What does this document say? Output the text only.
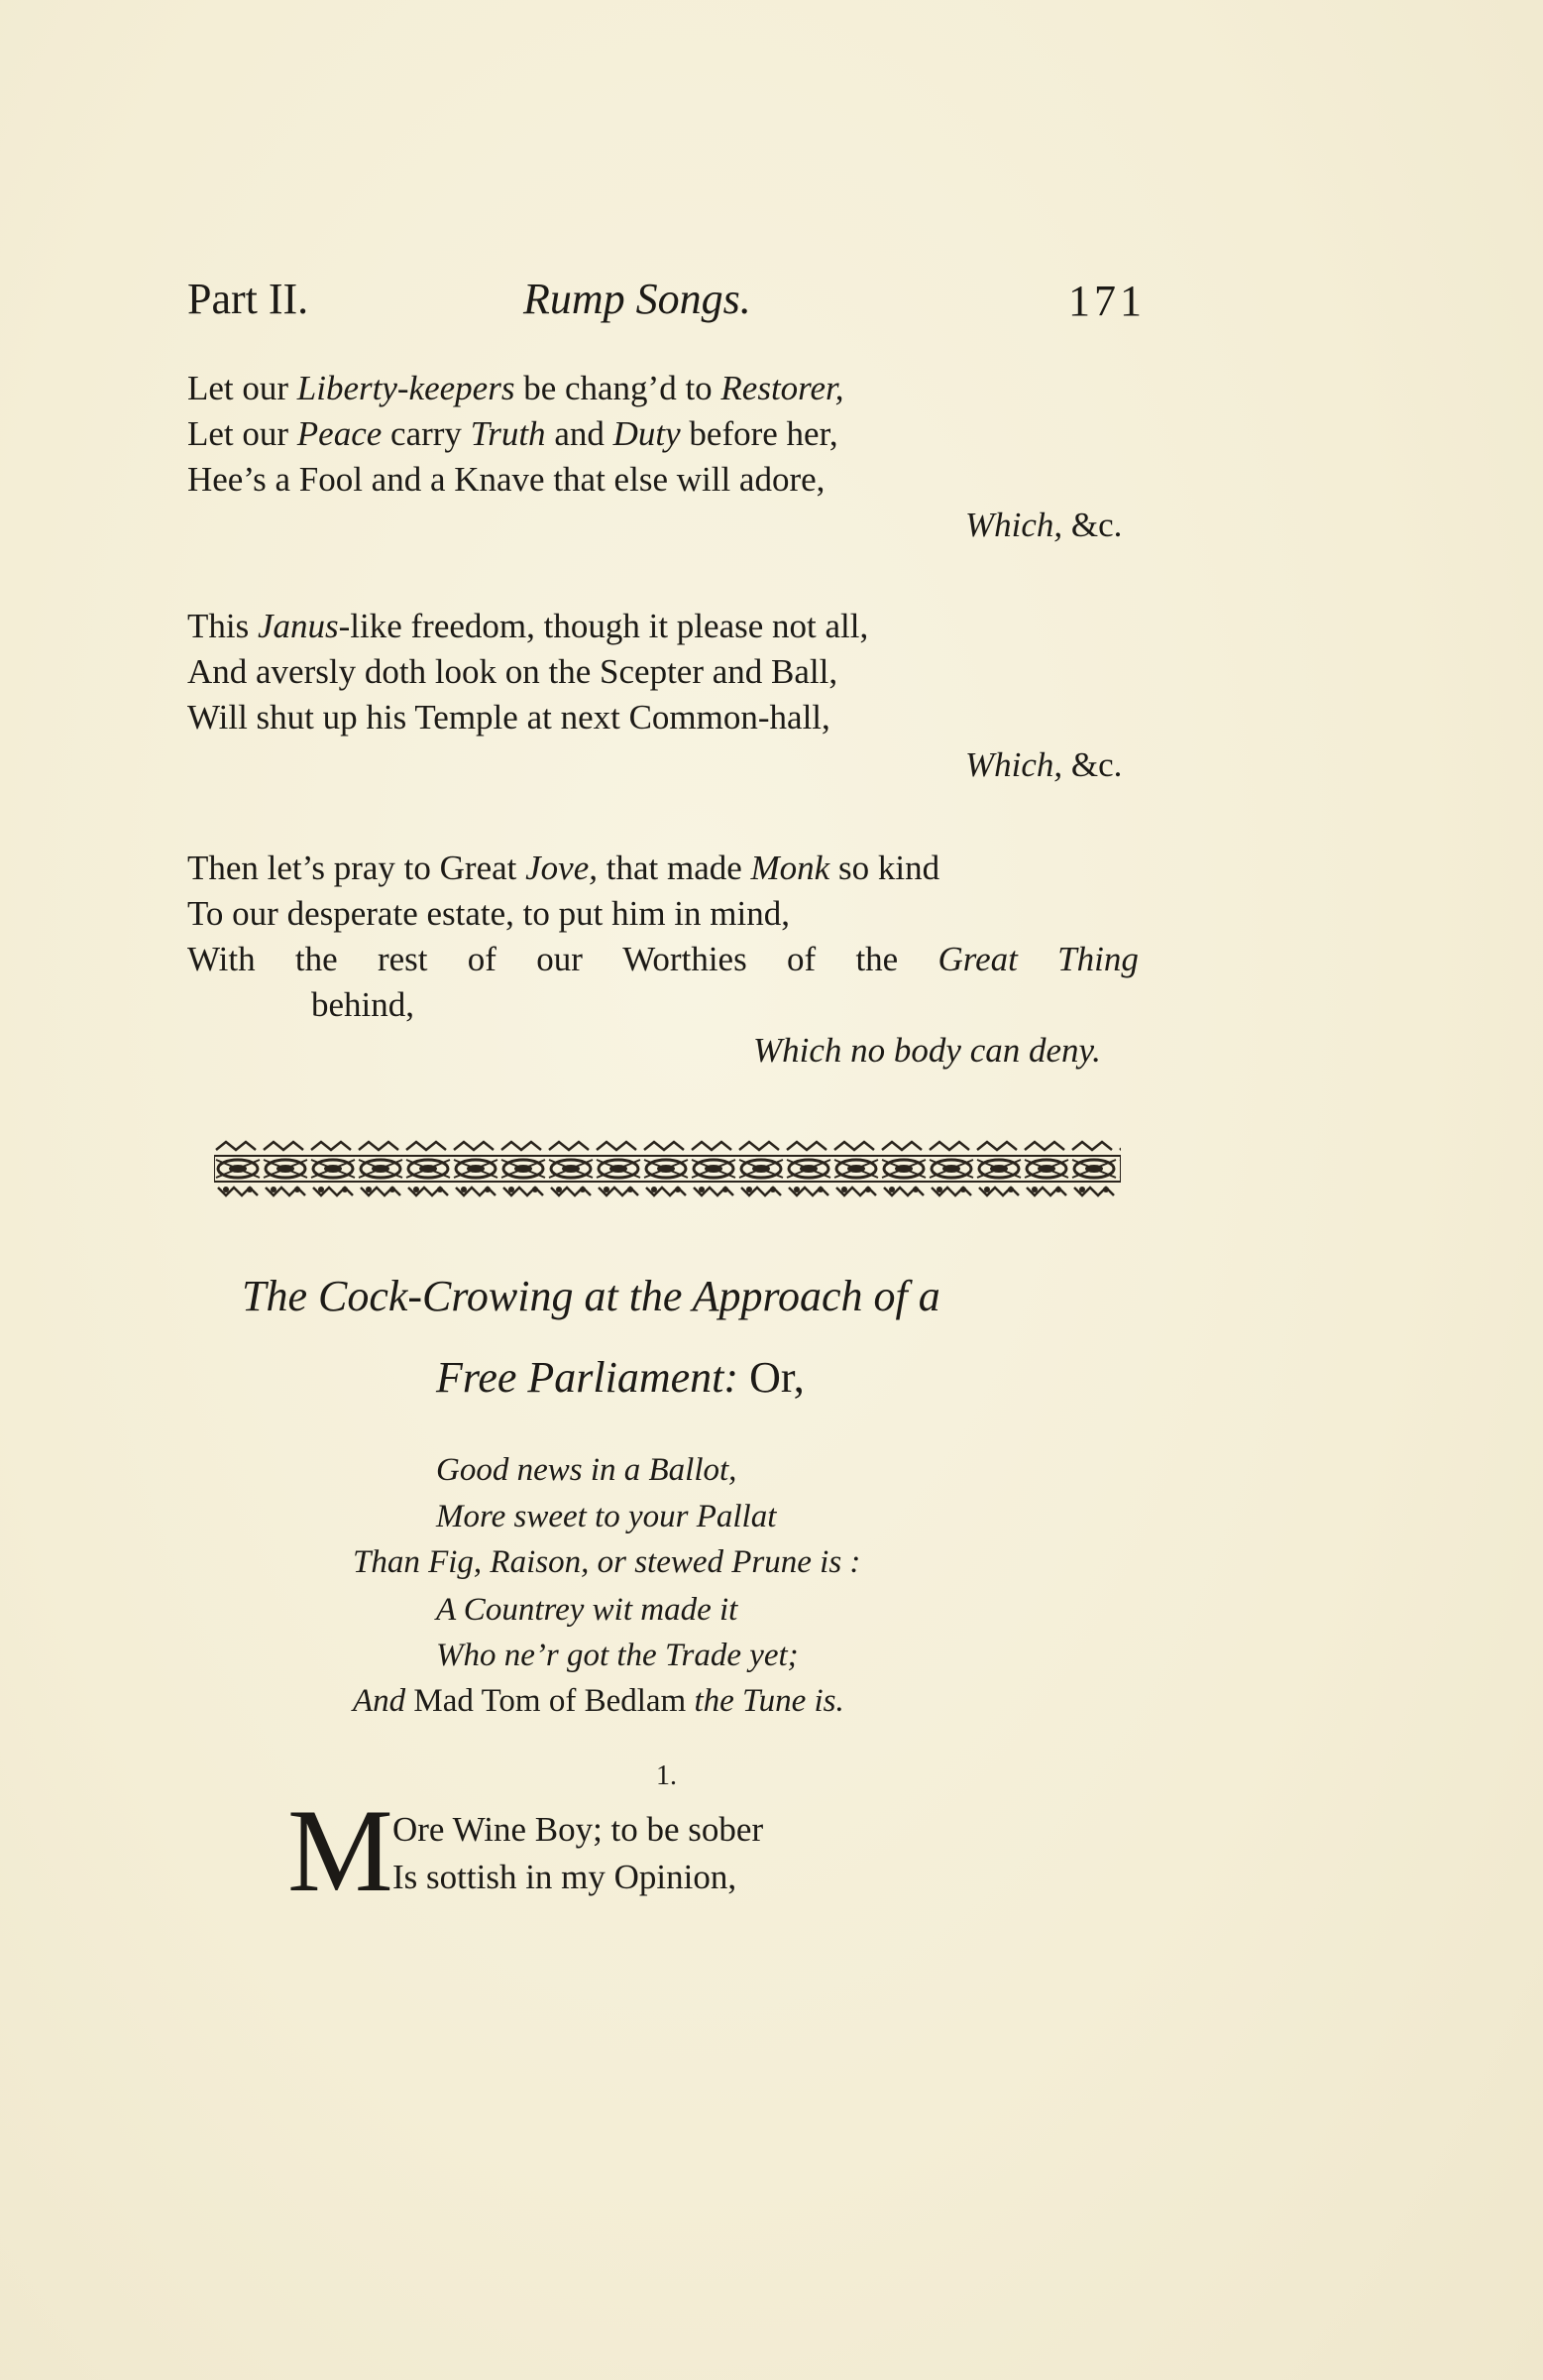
Part II.	Rump Songs.	171
Let our Liberty-keepers be chang’d to Restorer,
Let our Peace carry Truth and Duty before her,
Hee’s a Fool and a Knave that else will adore,
Which, &c.
This Janus-like freedom, though it please not all,
And aversly doth look on the Scepter and Ball,
Will shut up his Temple at next Common-hall,
Which, &c.
Then let’s pray to Great Jove, that made Monk so kind
To our desperate estate, to put him in mind,
With the rest of our Worthies of the Great Thing
behind,
Which no body can deny.
The Cock-Crowing at the Approach of a
Free Parliament: Or,
Good news in a Ballot,
More sweet to your Pallat
Than Fig, Raison, or stewed Prune is :
A Countrey wit made it
Who ne’r got the Trade yet;
And Mad Tom of Bedlam the Tune is.
1.
M Ore Wine Boy; to be sober
Is sottish in my Opinion,
